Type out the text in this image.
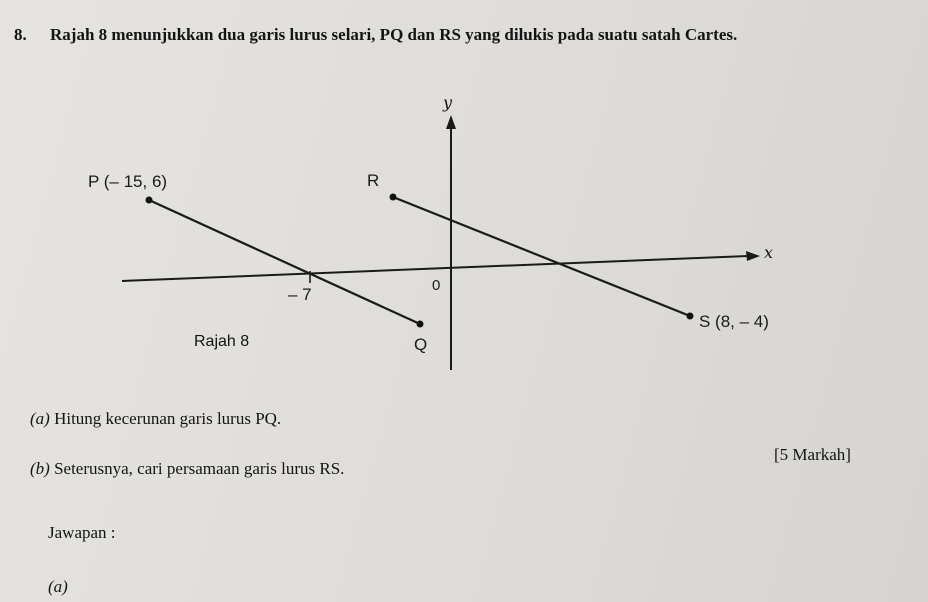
8. Rajah 8 menunjukkan dua garis lurus selari, PQ dan RS yang dilukis pada suatu satah Cartes.
y
x
0
P (– 15, 6)	R
Q
S (8, – 4)
– 7
Rajah 8
(a) Hitung kecerunan garis lurus PQ.
[5 Markah]
(b) Seterusnya, cari persamaan garis lurus RS.
Jawapan :
(a)
